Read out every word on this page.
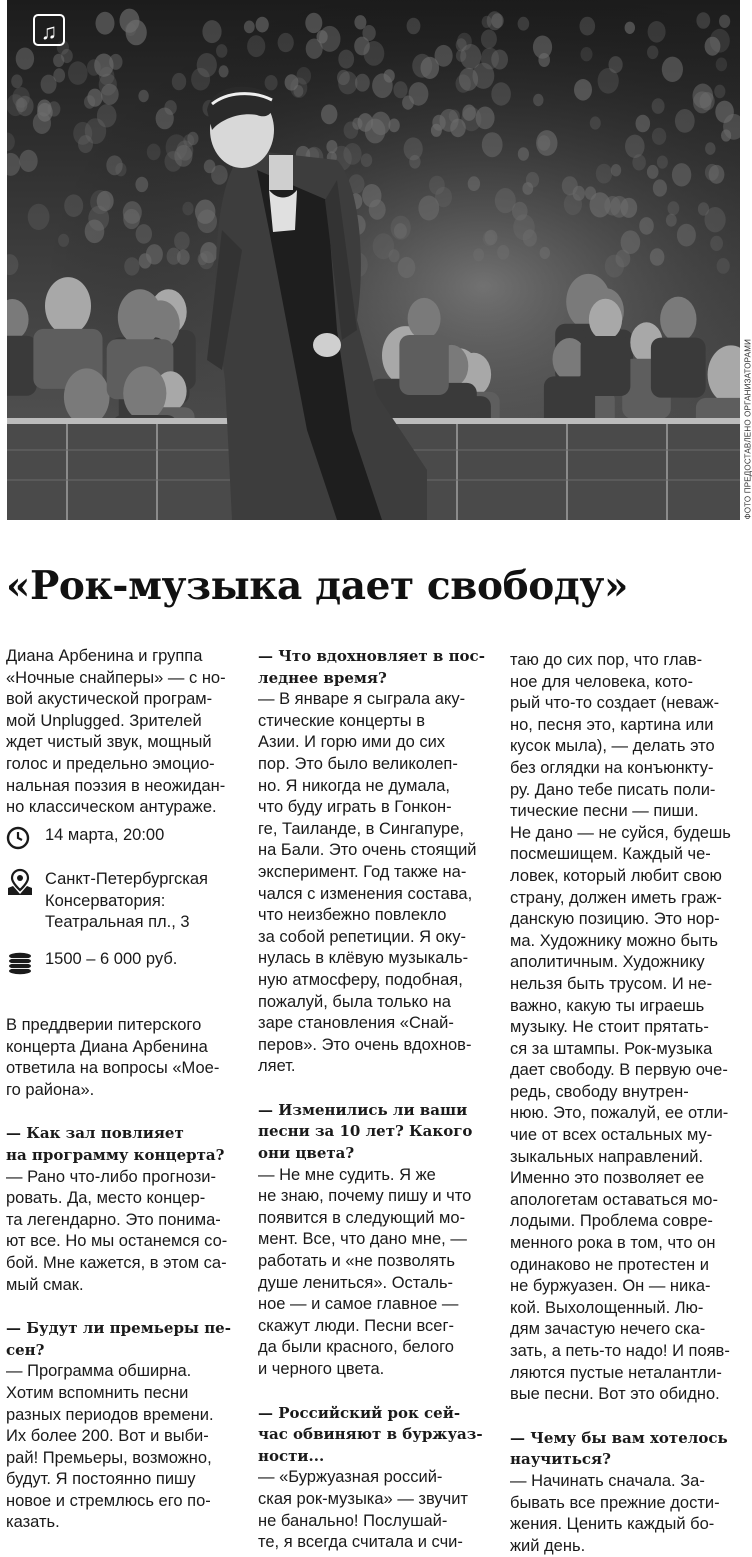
♫
ФОТО ПРЕДОСТАВЛЕНО ОРГАНИЗАТОРАМИ
«Рок-музыка дает свободу»
Диана Арбенина и группа
«Ночные снайперы» — с но-
вой акустической програм-
мой Unplugged. Зрителей
ждет чистый звук, мощный
голос и предельно эмоцио-
нальная поэзия в неожидан-
но классическом антураже.
14 марта, 20:00
Санкт-Петербургская
Консерватория:
Театральная пл., 3
1500 – 6 000 руб.
В преддверии питерского
концерта Диана Арбенина
ответила на вопросы «Мое-
го района».
— Как зал повлияет
на программу концерта?
— Рано что-либо прогнози-
ровать. Да, место концер-
та легендарно. Это понима-
ют все. Но мы останемся со-
бой. Мне кажется, в этом са-
мый смак.
— Будут ли премьеры пе-
сен?
— Программа обширна.
Хотим вспомнить песни
разных периодов времени.
Их более 200. Вот и выби-
рай! Премьеры, возможно,
будут. Я постоянно пишу
новое и стремлюсь его по-
казать.
— Что вдохновляет в пос-
леднее время?
— В январе я сыграла аку-
стические концерты в
Азии. И горю ими до сих
пор. Это было великолеп-
но. Я никогда не думала,
что буду играть в Гонкон-
ге, Таиланде, в Сингапуре,
на Бали. Это очень стоящий
эксперимент. Год также на-
чался с изменения состава,
что неизбежно повлекло
за собой репетиции. Я оку-
нулась в клёвую музыкаль-
ную атмосферу, подобная,
пожалуй, была только на
заре становления «Снай-
перов». Это очень вдохнов-
ляет.
— Изменились ли ваши
песни за 10 лет? Какого
они цвета?
— Не мне судить. Я же
не знаю, почему пишу и что
появится в следующий мо-
мент. Все, что дано мне, —
работать и «не позволять
душе лениться». Осталь-
ное — и самое главное —
скажут люди. Песни всег-
да были красного, белого
и черного цвета.
— Российский рок сей-
час обвиняют в буржуаз-
ности...
— «Буржуазная россий-
ская рок-музыка» — звучит
не банально! Послушай-
те, я всегда считала и счи-
таю до сих пор, что глав-
ное для человека, кото-
рый что-то создает (невaж-
но, песня это, картина или
кусок мыла), — делать это
без оглядки на конъюнкту-
ру. Дано тебе писать поли-
тические песни — пиши.
Не дано — не суйся, будешь
посмешищем. Каждый че-
ловек, который любит свою
страну, должен иметь граж-
данскую позицию. Это нор-
ма. Художнику можно быть
аполитичным. Художнику
нельзя быть трусом. И не-
важно, какую ты играешь
музыку. Не стоит прятать-
ся за штампы. Рок-музыка
дает свободу. В первую оче-
редь, свободу внутрен-
нюю. Это, пожалуй, ее отли-
чие от всех остальных му-
зыкальных направлений.
Именно это позволяет ее
апологетам оставаться мо-
лодыми. Проблема совре-
менного рока в том, что он
одинаково не протестен и
не буржуазен. Он — ника-
кой. Выхолощенный. Лю-
дям зачастую нечего ска-
зать, а петь-то надо! И появ-
ляются пустые неталантли-
вые песни. Вот это обидно.
— Чему бы вам хотелось
научиться?
— Начинать сначала. За-
бывать все прежние дости-
жения. Ценить каждый бо-
жий день.
